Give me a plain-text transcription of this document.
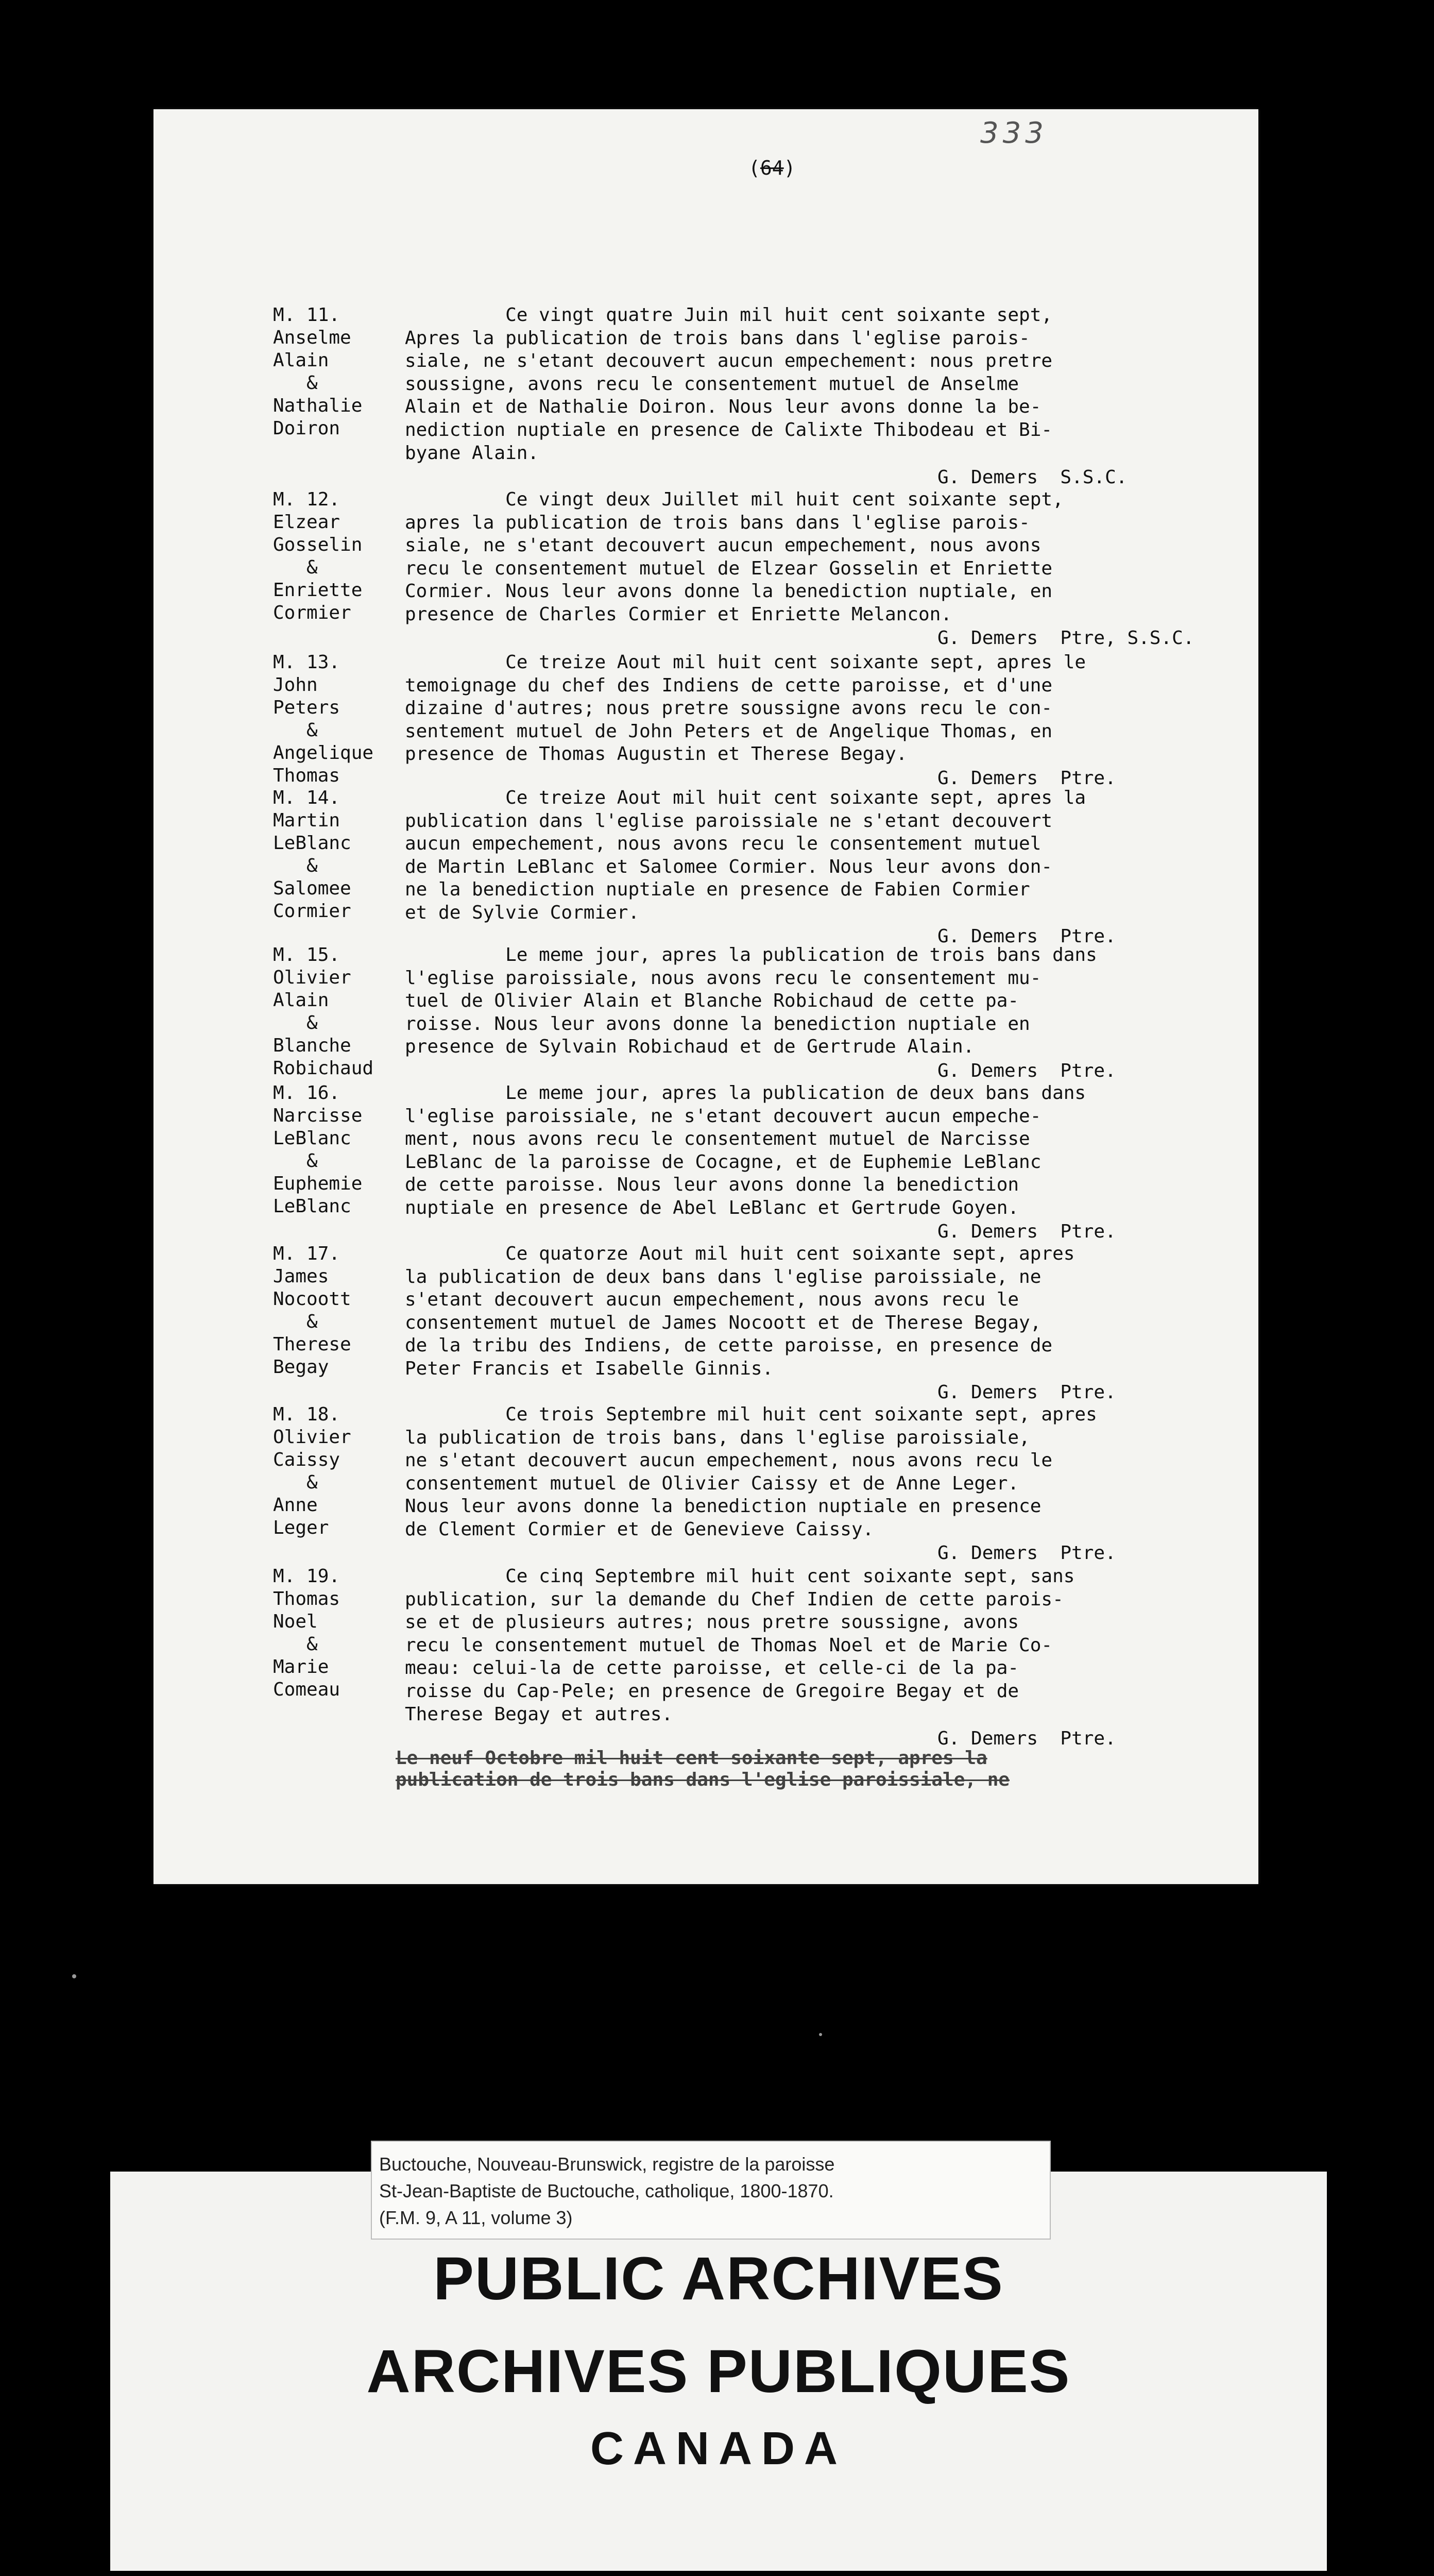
333
(64)
M. 11.
Anselme
Alain
&
Nathalie
Doiron
Ce vingt quatre Juin mil huit cent soixante sept,
Apres la publication de trois bans dans l'eglise parois-
siale, ne s'etant decouvert aucun empechement: nous pretre
soussigne, avons recu le consentement mutuel de Anselme
Alain et de Nathalie Doiron. Nous leur avons donne la be-
nediction nuptiale en presence de Calixte Thibodeau et Bi-
byane Alain.
G. Demers  S.S.C.
M. 12.
Elzear
Gosselin
&
Enriette
Cormier
Ce vingt deux Juillet mil huit cent soixante sept,
apres la publication de trois bans dans l'eglise parois-
siale, ne s'etant decouvert aucun empechement, nous avons
recu le consentement mutuel de Elzear Gosselin et Enriette
Cormier. Nous leur avons donne la benediction nuptiale, en
presence de Charles Cormier et Enriette Melancon.
G. Demers  Ptre, S.S.C.
M. 13.
John
Peters
&
Angelique
Thomas
Ce treize Aout mil huit cent soixante sept, apres le
temoignage du chef des Indiens de cette paroisse, et d'une
dizaine d'autres; nous pretre soussigne avons recu le con-
sentement mutuel de John Peters et de Angelique Thomas, en
presence de Thomas Augustin et Therese Begay.
G. Demers  Ptre.
M. 14.
Martin
LeBlanc
&
Salomee
Cormier
Ce treize Aout mil huit cent soixante sept, apres la
publication dans l'eglise paroissiale ne s'etant decouvert
aucun empechement, nous avons recu le consentement mutuel
de Martin LeBlanc et Salomee Cormier. Nous leur avons don-
ne la benediction nuptiale en presence de Fabien Cormier
et de Sylvie Cormier.
G. Demers  Ptre.
M. 15.
Olivier
Alain
&
Blanche
Robichaud
Le meme jour, apres la publication de trois bans dans
l'eglise paroissiale, nous avons recu le consentement mu-
tuel de Olivier Alain et Blanche Robichaud de cette pa-
roisse. Nous leur avons donne la benediction nuptiale en
presence de Sylvain Robichaud et de Gertrude Alain.
G. Demers  Ptre.
M. 16.
Narcisse
LeBlanc
&
Euphemie
LeBlanc
Le meme jour, apres la publication de deux bans dans
l'eglise paroissiale, ne s'etant decouvert aucun empeche-
ment, nous avons recu le consentement mutuel de Narcisse
LeBlanc de la paroisse de Cocagne, et de Euphemie LeBlanc
de cette paroisse. Nous leur avons donne la benediction
nuptiale en presence de Abel LeBlanc et Gertrude Goyen.
G. Demers  Ptre.
M. 17.
James
Nocoott
&
Therese
Begay
Ce quatorze Aout mil huit cent soixante sept, apres
la publication de deux bans dans l'eglise paroissiale, ne
s'etant decouvert aucun empechement, nous avons recu le
consentement mutuel de James Nocoott et de Therese Begay,
de la tribu des Indiens, de cette paroisse, en presence de
Peter Francis et Isabelle Ginnis.
G. Demers  Ptre.
M. 18.
Olivier
Caissy
&
Anne
Leger
Ce trois Septembre mil huit cent soixante sept, apres
la publication de trois bans, dans l'eglise paroissiale,
ne s'etant decouvert aucun empechement, nous avons recu le
consentement mutuel de Olivier Caissy et de Anne Leger.
Nous leur avons donne la benediction nuptiale en presence
de Clement Cormier et de Genevieve Caissy.
G. Demers  Ptre.
M. 19.
Thomas
Noel
&
Marie
Comeau
Ce cinq Septembre mil huit cent soixante sept, sans
publication, sur la demande du Chef Indien de cette parois-
se et de plusieurs autres; nous pretre soussigne, avons
recu le consentement mutuel de Thomas Noel et de Marie Co-
meau: celui-la de cette paroisse, et celle-ci de la pa-
roisse du Cap-Pele; en presence de Gregoire Begay et de
Therese Begay et autres.
G. Demers  Ptre.
Le neuf Octobre mil huit cent soixante sept, apres la
publication de trois bans dans l'eglise paroissiale, ne
Buctouche, Nouveau-Brunswick, registre de la paroisse
St-Jean-Baptiste de Buctouche, catholique, 1800-1870.
(F.M. 9, A 11, volume 3)
PUBLIC ARCHIVES
ARCHIVES PUBLIQUES
CANADA
